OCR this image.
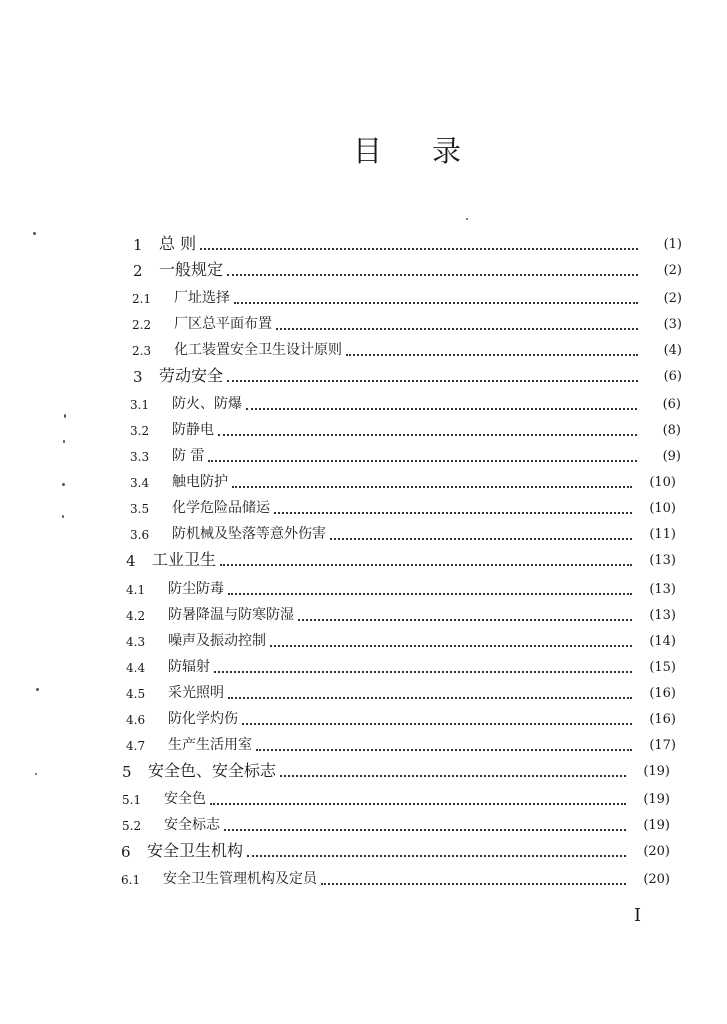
目 录
1	总 则	(1)
2	一般规定	(2)
2.1	厂址选择	(2)
2.2	厂区总平面布置	(3)
2.3	化工装置安全卫生设计原则	(4)
3	劳动安全	(6)
3.1	防火、防爆	(6)
3.2	防静电	(8)
3.3	防 雷	(9)
3.4	触电防护	(10)
3.5	化学危险品储运	(10)
3.6	防机械及坠落等意外伤害	(11)
4	工业卫生	(13)
4.1	防尘防毒	(13)
4.2	防暑降温与防寒防湿	(13)
4.3	噪声及振动控制	(14)
4.4	防辐射	(15)
4.5	采光照明	(16)
4.6	防化学灼伤	(16)
4.7	生产生活用室	(17)
5	安全色、安全标志	(19)
5.1	安全色	(19)
5.2	安全标志	(19)
6	安全卫生机构	(20)
6.1	安全卫生管理机构及定员	(20)
I
